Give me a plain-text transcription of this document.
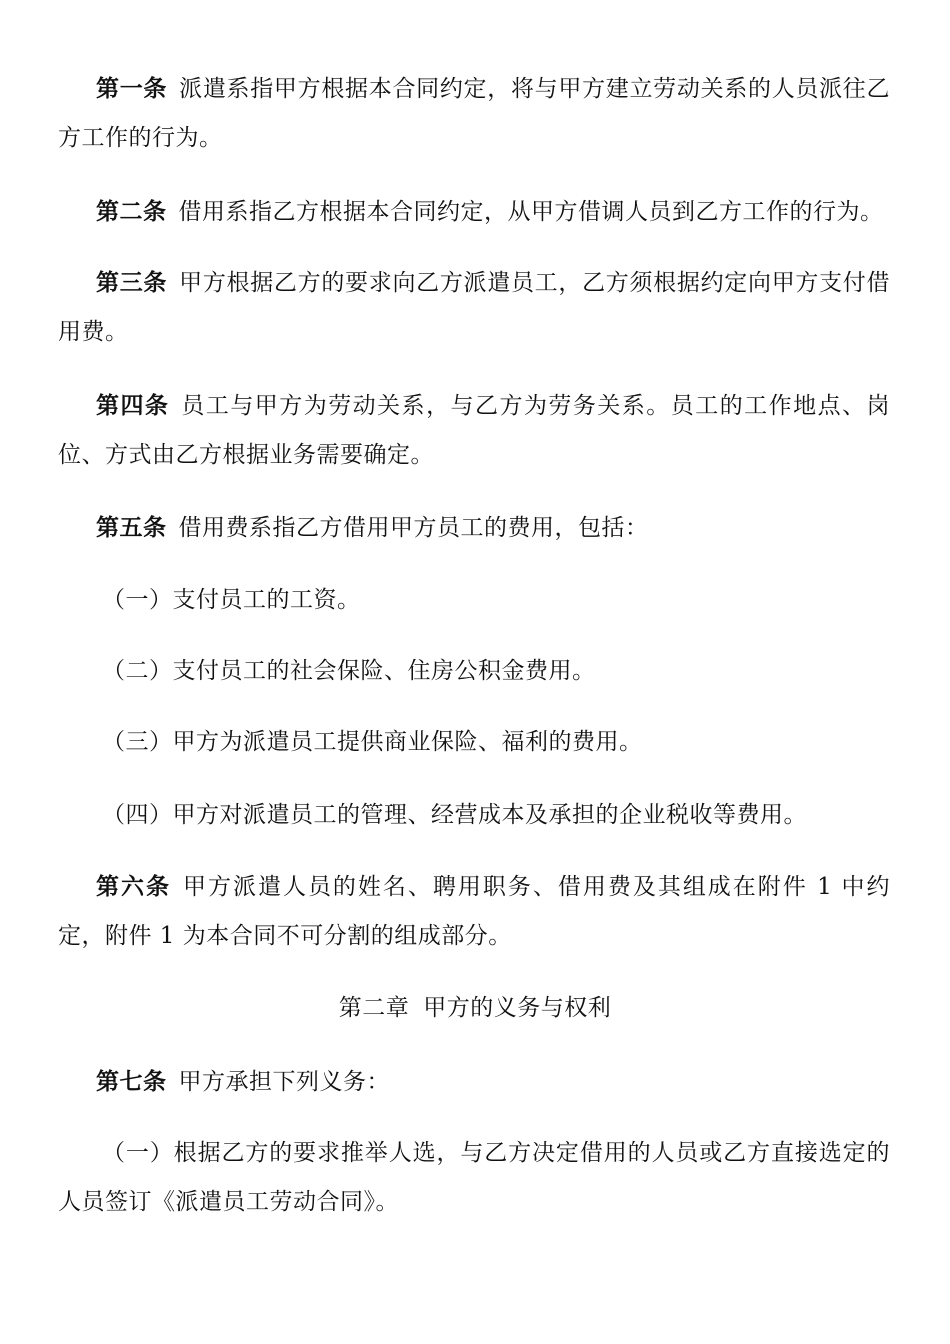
第一条 派遣系指甲方根据本合同约定，将与甲方建立劳动关系的人员派往乙方工作的行为。

第二条 借用系指乙方根据本合同约定，从甲方借调人员到乙方工作的行为。

第三条 甲方根据乙方的要求向乙方派遣员工，乙方须根据约定向甲方支付借用费。

第四条 员工与甲方为劳动关系，与乙方为劳务关系。员工的工作地点、岗位、方式由乙方根据业务需要确定。

第五条 借用费系指乙方借用甲方员工的费用，包括：

（一）支付员工的工资。

（二）支付员工的社会保险、住房公积金费用。

（三）甲方为派遣员工提供商业保险、福利的费用。

（四）甲方对派遣员工的管理、经营成本及承担的企业税收等费用。

第六条 甲方派遣人员的姓名、聘用职务、借用费及其组成在附件 1 中约定，附件 1 为本合同不可分割的组成部分。

第二章 甲方的义务与权利

第七条 甲方承担下列义务：

（一）根据乙方的要求推举人选，与乙方决定借用的人员或乙方直接选定的人员签订《派遣员工劳动合同》。
